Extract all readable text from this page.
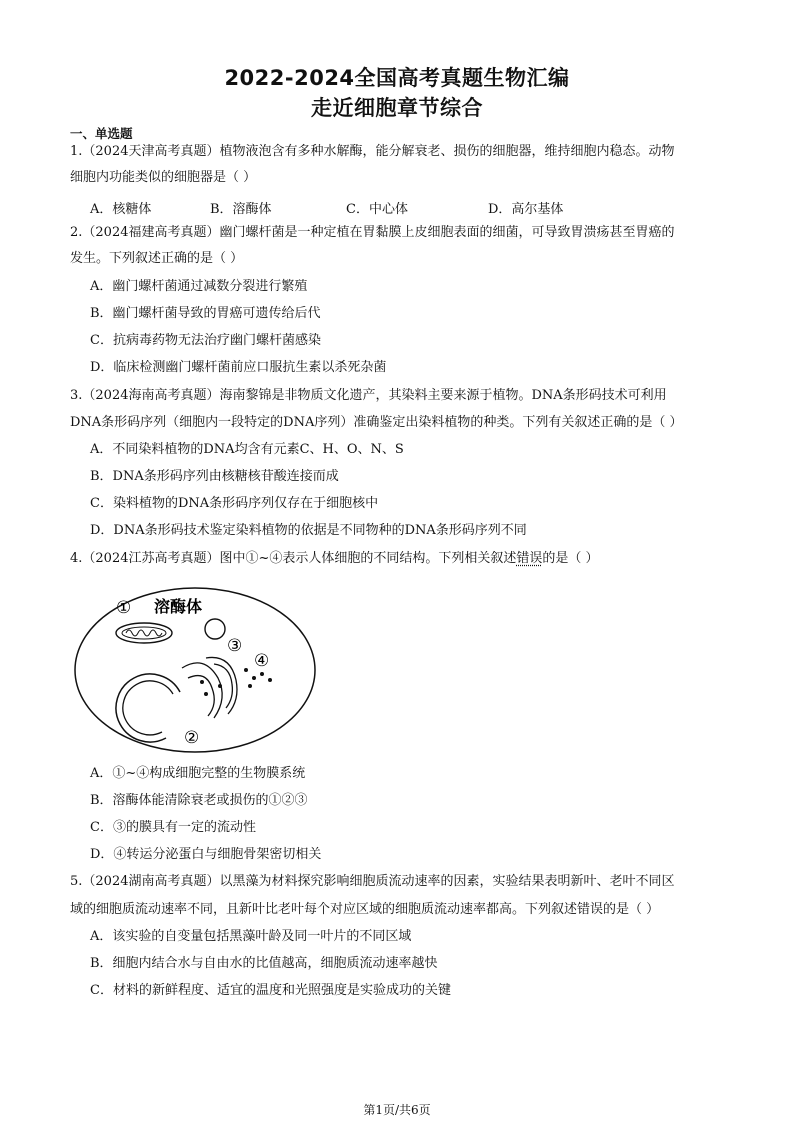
2022-2024全国高考真题生物汇编
走近细胞章节综合
一、单选题
1.（2024天津高考真题）植物液泡含有多种水解酶，能分解衰老、损伤的细胞器，维持细胞内稳态。动物
细胞内功能类似的细胞器是（ ）
A．核糖体	B．溶酶体	C．中心体	D．高尔基体
2.（2024福建高考真题）幽门螺杆菌是一种定植在胃黏膜上皮细胞表面的细菌，可导致胃溃疡甚至胃癌的
发生。下列叙述正确的是（ ）
A．幽门螺杆菌通过减数分裂进行繁殖
B．幽门螺杆菌导致的胃癌可遗传给后代
C．抗病毒药物无法治疗幽门螺杆菌感染
D．临床检测幽门螺杆菌前应口服抗生素以杀死杂菌
3.（2024海南高考真题）海南黎锦是非物质文化遗产，其染料主要来源于植物。DNA条形码技术可利用
DNA条形码序列（细胞内一段特定的DNA序列）准确鉴定出染料植物的种类。下列有关叙述正确的是（ ）
A．不同染料植物的DNA均含有元素C、H、O、N、S
B．DNA条形码序列由核糖核苷酸连接而成
C．染料植物的DNA条形码序列仅存在于细胞核中
D．DNA条形码技术鉴定染料植物的依据是不同物种的DNA条形码序列不同
4.（2024江苏高考真题）图中①~④表示人体细胞的不同结构。下列相关叙述错误的是（ ）
① 溶酶体
③
④
②
A．①~④构成细胞完整的生物膜系统
B．溶酶体能清除衰老或损伤的①②③
C．③的膜具有一定的流动性
D．④转运分泌蛋白与细胞骨架密切相关
5.（2024湖南高考真题）以黑藻为材料探究影响细胞质流动速率的因素，实验结果表明新叶、老叶不同区
域的细胞质流动速率不同，且新叶比老叶每个对应区域的细胞质流动速率都高。下列叙述错误的是（ ）
A．该实验的自变量包括黑藻叶龄及同一叶片的不同区域
B．细胞内结合水与自由水的比值越高，细胞质流动速率越快
C．材料的新鲜程度、适宜的温度和光照强度是实验成功的关键
第1页/共6页
